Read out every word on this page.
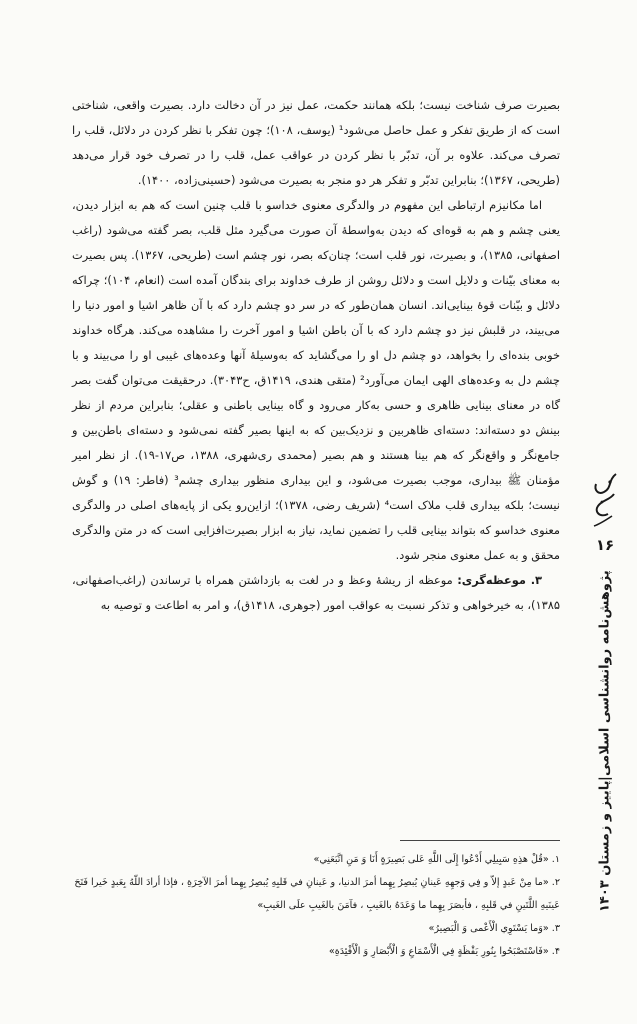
بصیرت صرف شناخت نیست؛ بلکه همانند حکمت، عمل نیز در آن دخالت دارد. بصیرت واقعی، شناختی است که از طریق تفکر و عمل حاصل می‌شود¹ (یوسف، ۱۰۸)؛ چون تفکر با نظر کردن در دلائل، قلب را تصرف می‌کند. علاوه بر آن، تدبّر با نظر کردن در عواقب عمل، قلب را در تصرف خود قرار می‌دهد (طریحی، ۱۳۶۷)؛ بنابراین تدبّر و تفکر هر دو منجر به بصیرت می‌شود (حسینی‌زاده، ۱۴۰۰).

اما مکانیزم ارتباطی این مفهوم در والدگری معنوی خداسو با قلب چنین است که هم به ابزار دیدن، یعنی چشم و هم به قوه‌ای که دیدن به‌واسطهٔ آن صورت می‌گیرد مثل قلب، بصر گفته می‌شود (راغب اصفهانی، ۱۳۸۵)، و بصیرت، نور قلب است؛ چنان‌که بصر، نور چشم است (طریحی، ۱۳۶۷). پس بصیرت به معنای بیّنات و دلایل است و دلائل روشن از طرف خداوند برای بندگان آمده است (انعام، ۱۰۴)؛ چراکه دلائل و بیّنات قوهٔ بینایی‌اند. انسان همان‌طور که در سر دو چشم دارد که با آن ظاهر اشیا و امور دنیا را می‌بیند، در قلبش نیز دو چشم دارد که با آن باطن اشیا و امور آخرت را مشاهده می‌کند. هرگاه خداوند خوبی بنده‌ای را بخواهد، دو چشم دل او را می‌گشاید که به‌وسیلهٔ آنها وعده‌های غیبی او را می‌بیند و با چشم دل به وعده‌های الهی ایمان می‌آورد² (متقی هندی، ۱۴۱۹ق، ح۳۰۴۳). درحقیقت می‌توان گفت بصر گاه در معنای بینایی ظاهری و حسی به‌کار می‌رود و گاه بینایی باطنی و عقلی؛ بنابراین مردم از نظر بینش دو دسته‌اند: دسته‌ای ظاهربین و نزدیک‌بین که به اینها بصیر گفته نمی‌شود و دسته‌ای باطن‌بین و جامع‌نگر و واقع‌نگر که هم بینا هستند و هم بصیر (محمدی ری‌شهری، ۱۳۸۸، ص۱۷-۱۹). از نظر امیر مؤمنان ﷺ بیداری، موجب بصیرت می‌شود، و این بیداری منظور بیداری چشم³ (فاطر: ۱۹) و گوش نیست؛ بلکه بیداری قلب ملاک است⁴ (شریف رضی، ۱۳۷۸)؛ ازاین‌رو یکی از پایه‌های اصلی در والدگری معنوی خداسو که بتواند بینایی قلب را تضمین نماید، نیاز به ابزار بصیرت‌افزایی است که در متن والدگری محقق و به عمل معنوی منجر شود.

۳. موعظه‌گری: موعظه از ریشهٔ وعظ و در لغت به بازداشتن همراه با ترساندن (راغب‌اصفهانی، ۱۳۸۵)، به خیرخواهی و تذکر نسبت به عواقب امور (جوهری، ۱۴۱۸ق)، و امر به اطاعت و توصیه به

۱. «قُلْ هذِهِ سَبِيلِي أَدْعُوا إِلَى اللَّهِ عَلى بَصِيرَةٍ أَنَا وَ مَنِ اتَّبَعَنِي»

۲. «ما مِنْ عَبدٍ إلاّ و فِي وَجهِهِ عَينانِ يُبصِرُ بِهِما أمرَ الدنيا، و عَينانِ في قَلبِهِ يُبصِرُ بِهِما أمرَ الآخِرَةِ ، فإذا أرادَ اللّهُ بِعَبدٍ خَيرا فَتَحَ عَينَيهِ اللَّتَينِ في قَلبِهِ ، فأبصَرَ بِهِما ما وَعَدَهُ بالغَيبِ ، فآمَنَ بالغَيبِ علَى الغَيبِ»

۳. «وَما يَسْتَوِي الْأَعْمى وَ الْبَصِيرُ»

۴. «فَاسْتَصْبَحُوا بِنُورِ يَقْظَةٍ فِي الْأَسْمَاعِ وَ الْأَبْصَارِ وَ الْأَفْئِدَةِ»

۱۶
پژوهش‌نامه روانشناسی اسلامی
|
پاییز و زمستان ۱۴۰۳
